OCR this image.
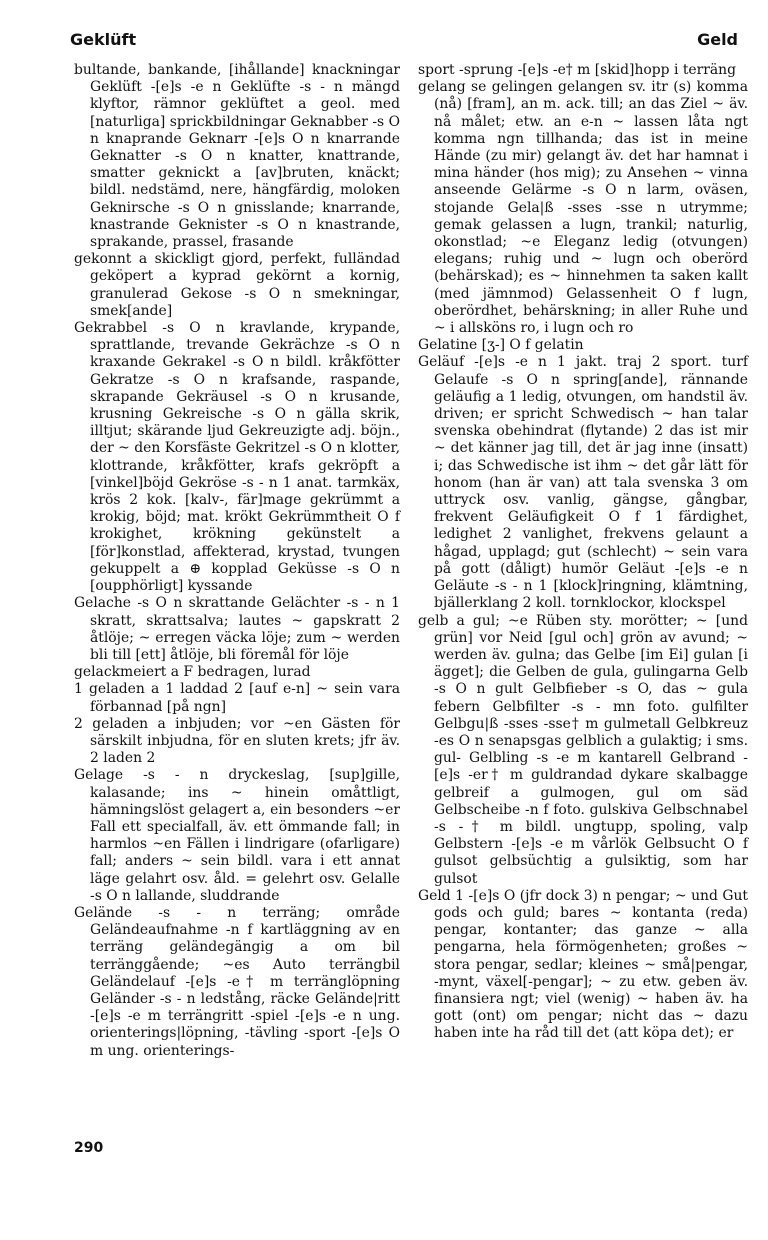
Geklüft	Geld

bultande, bankande, [ihållande] knackningar Geklüft -[e]s -e n Geklüfte -s - n mängd klyftor, rämnor geklüftet a geol. med [naturliga] sprickbildningar Geknabber -s O n knaprande Geknarr -[e]s O n knarrande Geknatter -s O n knatter, knattrande, smatter geknickt a [av]bruten, knäckt; bildl. nedstämd, nere, hängfärdig, moloken Geknirsche -s O n gnisslande; knarrande, knastrande Geknister -s O n knastrande, sprakande, prassel, frasande

gekonnt a skickligt gjord, perfekt, fulländad geköpert a kyprad gekörnt a kornig, granulerad Gekose -s O n smekningar, smek[ande]

Gekrabbel -s O n kravlande, krypande, sprattlande, trevande Gekrächze -s O n kraxande Gekrakel -s O n bildl. kråkfötter Gekratze -s O n krafsande, raspande, skrapande Gekräusel -s O n krusande, krusning Gekreische -s O n gälla skrik, illtjut; skärande ljud Gekreuzigte adj. böjn., der ~ den Korsfäste Gekritzel -s O n klotter, klottrande, kråkfötter, krafs gekröpft a [vinkel]böjd Gekröse -s - n 1 anat. tarmkäx, krös 2 kok. [kalv-, fär]mage gekrümmt a krokig, böjd; mat. krökt Gekrümmtheit O f krokighet, krökning gekünstelt a [för]konstlad, affekterad, krystad, tvungen gekuppelt a ⊕ kopplad Geküsse -s O n [oupphörligt] kyssande

Gelache -s O n skrattande Gelächter -s - n 1 skratt, skrattsalva; lautes ~ gapskratt 2 åtlöje; ~ erregen väcka löje; zum ~ werden bli till [ett] åtlöje, bli föremål för löje

gelackmeiert a F bedragen, lurad

1 geladen a 1 laddad 2 [auf e-n] ~ sein vara förbannad [på ngn]

2 geladen a inbjuden; vor ~en Gästen för särskilt inbjudna, för en sluten krets; jfr äv. 2 laden 2

Gelage -s - n dryckeslag, [sup]gille, kalasande; ins ~ hinein omåttligt, hämningslöst gelagert a, ein besonders ~er Fall ett specialfall, äv. ett ömmande fall; in harmlos ~en Fällen i lindrigare (ofarligare) fall; anders ~ sein bildl. vara i ett annat läge gelahrt osv. åld. = gelehrt osv. Gelalle -s O n lallande, sluddrande

Gelände -s - n terräng; område Geländeaufnahme -n f kartläggning av en terräng geländegängig a om bil terränggående; ~es Auto terrängbil Geländelauf -[e]s -e† m terränglöpning Geländer -s - n ledstång, räcke Gelände|ritt -[e]s -e m terrängritt -spiel -[e]s -e n ung. orienterings|löpning, -tävling -sport -[e]s O m ung. orienterings-

sport -sprung -[e]s -e† m [skid]hopp i terräng

gelang se gelingen gelangen sv. itr (s) komma (nå) [fram], an m. ack. till; an das Ziel ~ äv. nå målet; etw. an e-n ~ lassen låta ngt komma ngn tillhanda; das ist in meine Hände (zu mir) gelangt äv. det har hamnat i mina händer (hos mig); zu Ansehen ~ vinna anseende Gelärme -s O n larm, oväsen, stojande Gela|ß -sses -sse n utrymme; gemak gelassen a lugn, trankil; naturlig, okonstlad; ~e Eleganz ledig (otvungen) elegans; ruhig und ~ lugn och oberörd (behärskad); es ~ hinnehmen ta saken kallt (med jämnmod) Gelassenheit O f lugn, oberördhet, behärskning; in aller Ruhe und ~ i allsköns ro, i lugn och ro

Gelatine [ʒ-] O f gelatin

Geläuf -[e]s -e n 1 jakt. traj 2 sport. turf Gelaufe -s O n spring[ande], rännande geläufig a 1 ledig, otvungen, om handstil äv. driven; er spricht Schwedisch ~ han talar svenska obehindrat (flytande) 2 das ist mir ~ det känner jag till, det är jag inne (insatt) i; das Schwedische ist ihm ~ det går lätt för honom (han är van) att tala svenska 3 om uttryck osv. vanlig, gängse, gångbar, frekvent Geläufigkeit O f 1 färdighet, ledighet 2 vanlighet, frekvens gelaunt a hågad, upplagd; gut (schlecht) ~ sein vara på gott (dåligt) humör Geläut -[e]s -e n Geläute -s - n 1 [klock]ringning, klämtning, bjällerklang 2 koll. tornklockor, klockspel

gelb a gul; ~e Rüben sty. morötter; ~ [und grün] vor Neid [gul och] grön av avund; ~ werden äv. gulna; das Gelbe [im Ei] gulan [i ägget]; die Gelben de gula, gulingarna Gelb -s O n gult Gelbfieber -s O, das ~ gula febern Gelbfilter -s - mn foto. gulfilter Gelbgu|ß -sses -sse† m gulmetall Gelbkreuz -es O n senapsgas gelblich a gulaktig; i sms. gul- Gelbling -s -e m kantarell Gelbrand -[e]s -er† m guldrandad dykare skalbagge gelbreif a gulmogen, gul om säd Gelbscheibe -n f foto. gulskiva Gelbschnabel -s -† m bildl. ungtupp, spoling, valp Gelbstern -[e]s -e m vårlök Gelbsucht O f gulsot gelbsüchtig a gulsiktig, som har gulsot

Geld 1 -[e]s O (jfr dock 3) n pengar; ~ und Gut gods och guld; bares ~ kontanta (reda) pengar, kontanter; das ganze ~ alla pengarna, hela förmögenheten; großes ~ stora pengar, sedlar; kleines ~ små|pengar, -mynt, växel[-pengar]; ~ zu etw. geben äv. finansiera ngt; viel (wenig) ~ haben äv. ha gott (ont) om pengar; nicht das ~ dazu haben inte ha råd till det (att köpa det); er

290
